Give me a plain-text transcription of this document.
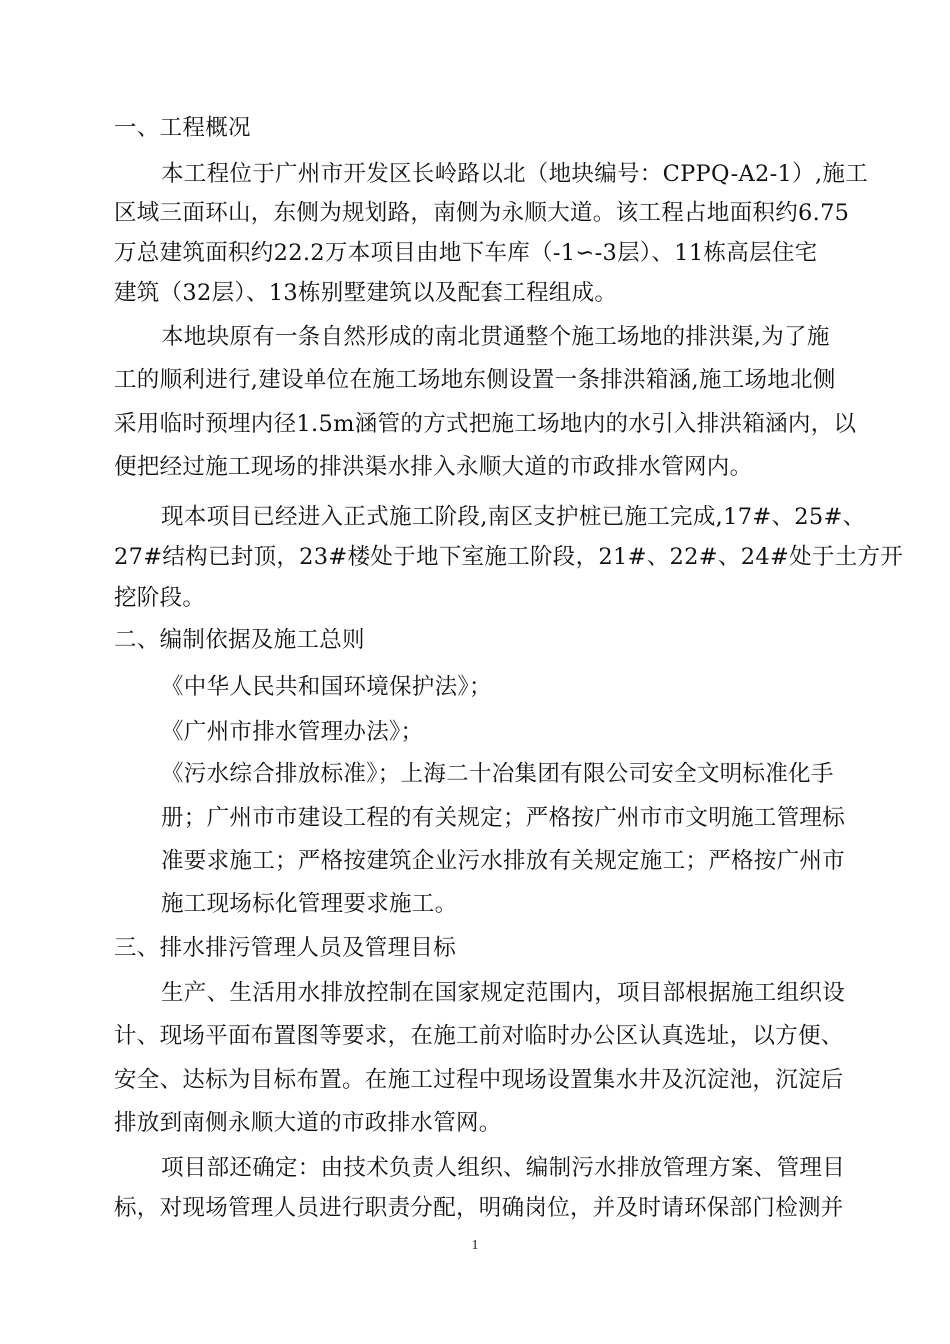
一、工程概况
本工程位于广州市开发区长岭路以北（地块编号：CPPQ-A2-1）,施工
区域三面环山，东侧为规划路，南侧为永顺大道。该工程占地面积约6.75
万总建筑面积约22.2万本项目由地下车库（-1∽-3层）、11栋高层住宅
建筑（32层）、13栋别墅建筑以及配套工程组成。
本地块原有一条自然形成的南北贯通整个施工场地的排洪渠,为了施
工的顺利进行,建设单位在施工场地东侧设置一条排洪箱涵,施工场地北侧
采用临时预埋内径1.5m涵管的方式把施工场地内的水引入排洪箱涵内，以
便把经过施工现场的排洪渠水排入永顺大道的市政排水管网内。
现本项目已经进入正式施工阶段,南区支护桩已施工完成,17#、25#、
27#结构已封顶，23#楼处于地下室施工阶段，21#、22#、24#处于土方开
挖阶段。
二、编制依据及施工总则
《中华人民共和国环境保护法》；
《广州市排水管理办法》；
《污水综合排放标准》；上海二十冶集团有限公司安全文明标准化手
册；广州市市建设工程的有关规定；严格按广州市市文明施工管理标
准要求施工；严格按建筑企业污水排放有关规定施工；严格按广州市
施工现场标化管理要求施工。
三、排水排污管理人员及管理目标
生产、生活用水排放控制在国家规定范围内，项目部根据施工组织设
计、现场平面布置图等要求，在施工前对临时办公区认真选址，以方便、
安全、达标为目标布置。在施工过程中现场设置集水井及沉淀池，沉淀后
排放到南侧永顺大道的市政排水管网。
项目部还确定：由技术负责人组织、编制污水排放管理方案、管理目
标，对现场管理人员进行职责分配，明确岗位，并及时请环保部门检测并
1
